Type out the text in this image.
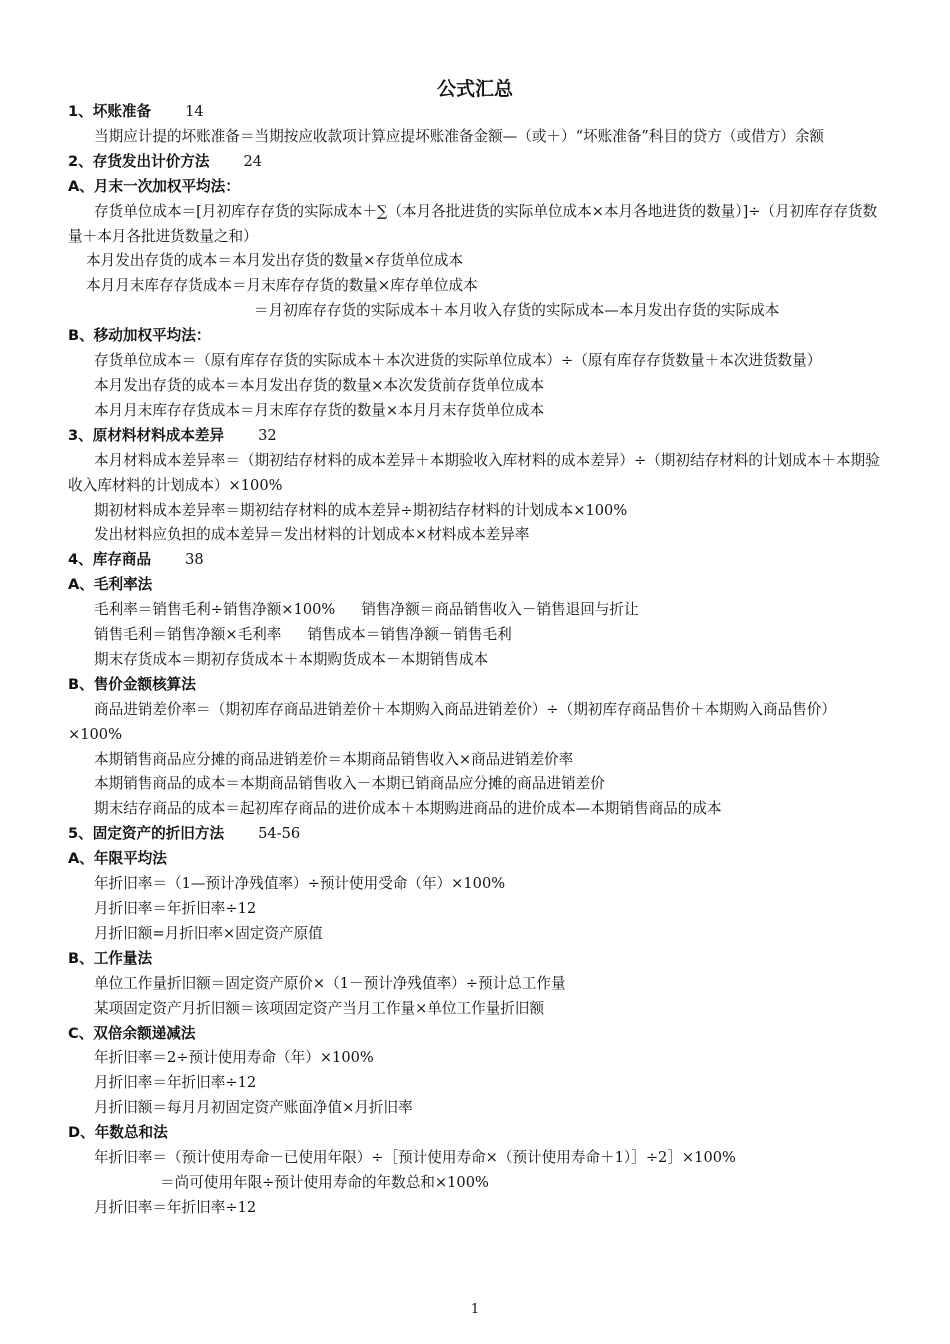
公式汇总
1、坏账准备 14
当期应计提的坏账准备＝当期按应收款项计算应提坏账准备金额—（或＋）“坏账准备”科目的贷方（或借方）余额
2、存货发出计价方法 24
A、月末一次加权平均法：
存货单位成本＝[月初库存存货的实际成本＋∑（本月各批进货的实际单位成本×本月各地进货的数量）]÷（月初库存存货数量＋本月各批进货数量之和）
本月发出存货的成本＝本月发出存货的数量×存货单位成本
本月月末库存存货成本＝月末库存存货的数量×库存单位成本
＝月初库存存货的实际成本＋本月收入存货的实际成本—本月发出存货的实际成本
B、移动加权平均法：
存货单位成本＝（原有库存存货的实际成本＋本次进货的实际单位成本）÷（原有库存存货数量＋本次进货数量）
本月发出存货的成本＝本月发出存货的数量×本次发货前存货单位成本
本月月末库存存货成本＝月末库存存货的数量×本月月末存货单位成本
3、原材料材料成本差异 32
本月材料成本差异率＝（期初结存材料的成本差异＋本期验收入库材料的成本差异）÷（期初结存材料的计划成本＋本期验收入库材料的计划成本）×100%
期初材料成本差异率＝期初结存材料的成本差异÷期初结存材料的计划成本×100%
发出材料应负担的成本差异＝发出材料的计划成本×材料成本差异率
4、库存商品 38
A、毛利率法
毛利率＝销售毛利÷销售净额×100% 销售净额＝商品销售收入－销售退回与折让
销售毛利＝销售净额×毛利率 销售成本＝销售净额－销售毛利
期末存货成本＝期初存货成本＋本期购货成本－本期销售成本
B、售价金额核算法
商品进销差价率＝（期初库存商品进销差价＋本期购入商品进销差价）÷（期初库存商品售价＋本期购入商品售价）×100%
本期销售商品应分摊的商品进销差价＝本期商品销售收入×商品进销差价率
本期销售商品的成本＝本期商品销售收入－本期已销商品应分摊的商品进销差价
期末结存商品的成本＝起初库存商品的进价成本＋本期购进商品的进价成本—本期销售商品的成本
5、固定资产的折旧方法 54-56
A、年限平均法
年折旧率＝（1—预计净残值率）÷预计使用受命（年）×100%
月折旧率＝年折旧率÷12
月折旧额=月折旧率×固定资产原值
B、工作量法
单位工作量折旧额＝固定资产原价×（1－预计净残值率）÷预计总工作量
某项固定资产月折旧额＝该项固定资产当月工作量×单位工作量折旧额
C、双倍余额递减法
年折旧率＝2÷预计使用寿命（年）×100%
月折旧率＝年折旧率÷12
月折旧额＝每月月初固定资产账面净值×月折旧率
D、年数总和法
年折旧率＝（预计使用寿命－已使用年限）÷［预计使用寿命×（预计使用寿命＋1）］÷2］×100%
＝尚可使用年限÷预计使用寿命的年数总和×100%
月折旧率＝年折旧率÷12
1
